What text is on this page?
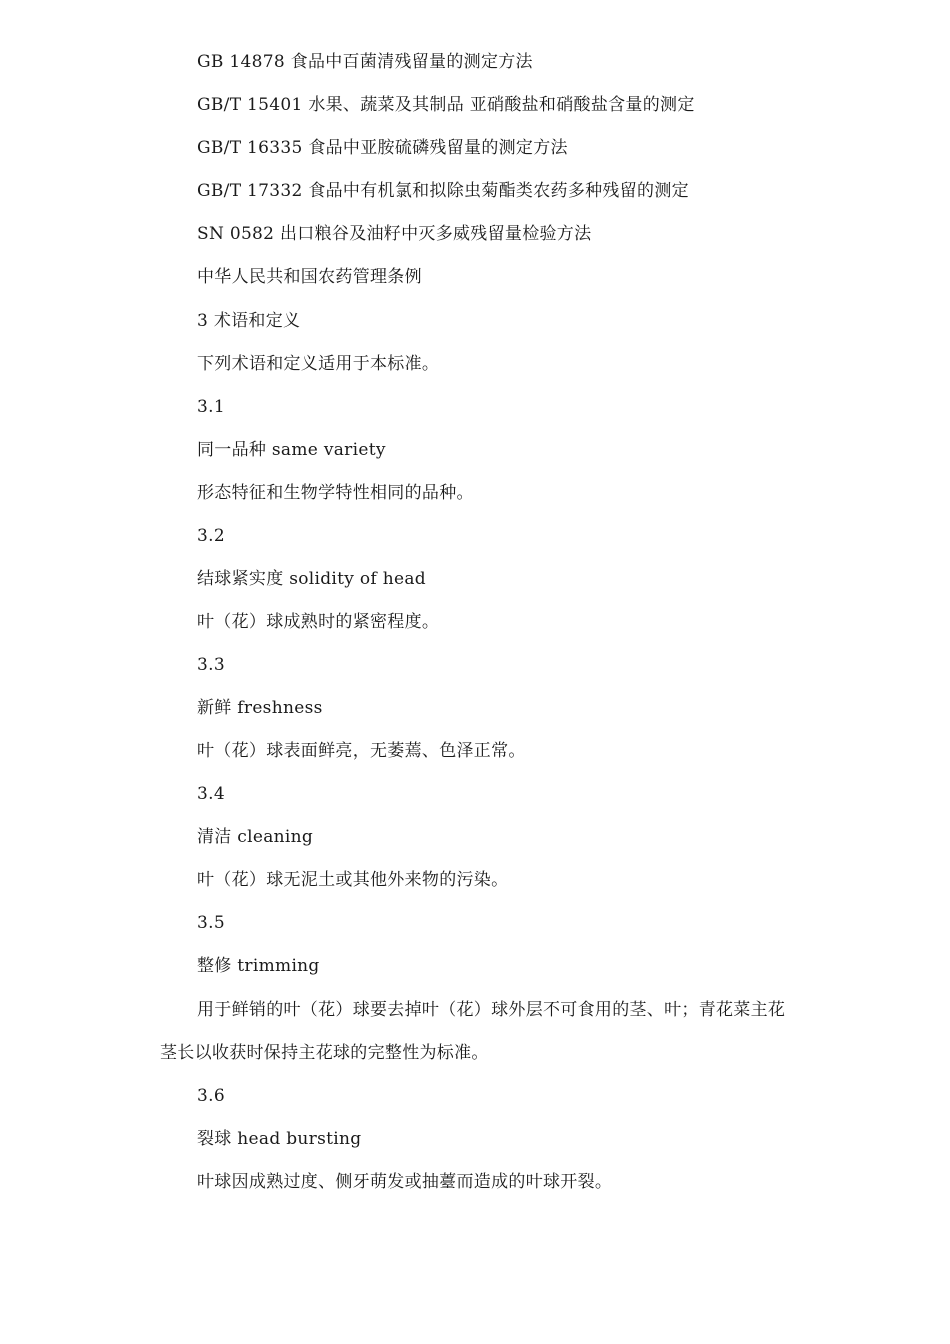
GB 14878 食品中百菌清残留量的测定方法
GB/T 15401 水果、蔬菜及其制品 亚硝酸盐和硝酸盐含量的测定
GB/T 16335 食品中亚胺硫磷残留量的测定方法
GB/T 17332 食品中有机氯和拟除虫菊酯类农药多种残留的测定
SN 0582 出口粮谷及油籽中灭多威残留量检验方法
中华人民共和国农药管理条例
3 术语和定义
下列术语和定义适用于本标准。
3.1
同一品种 same variety
形态特征和生物学特性相同的品种。
3.2
结球紧实度 solidity of head
叶（花）球成熟时的紧密程度。
3.3
新鲜 freshness
叶（花）球表面鲜亮，无萎蔫、色泽正常。
3.4
清洁 cleaning
叶（花）球无泥土或其他外来物的污染。
3.5
整修 trimming
用于鲜销的叶（花）球要去掉叶（花）球外层不可食用的茎、叶；青花菜主花
茎长以收获时保持主花球的完整性为标准。
3.6
裂球 head bursting
叶球因成熟过度、侧牙萌发或抽薹而造成的叶球开裂。
